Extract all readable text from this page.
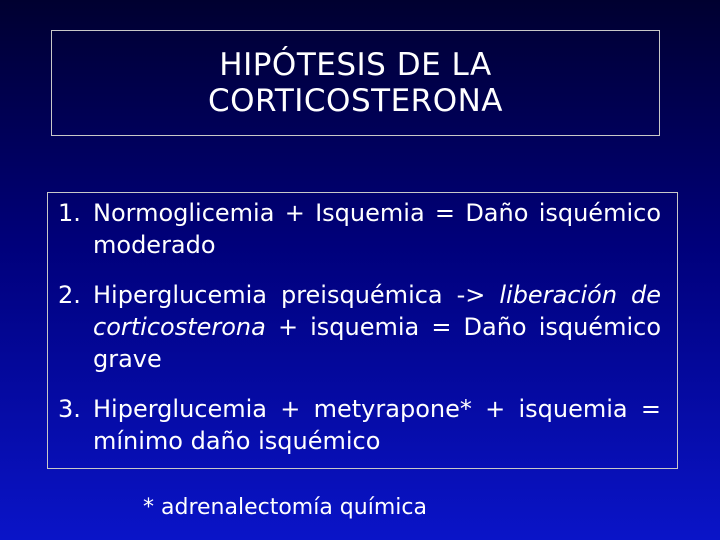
HIPÓTESIS DE LA
CORTICOSTERONA
1. Normoglicemia + Isquemia = Daño isquémico moderado
2. Hiperglucemia preisquémica -> liberación de corticosterona + isquemia = Daño isquémico grave
3. Hiperglucemia + metyrapone* + isquemia = mínimo daño isquémico
* adrenalectomía química
